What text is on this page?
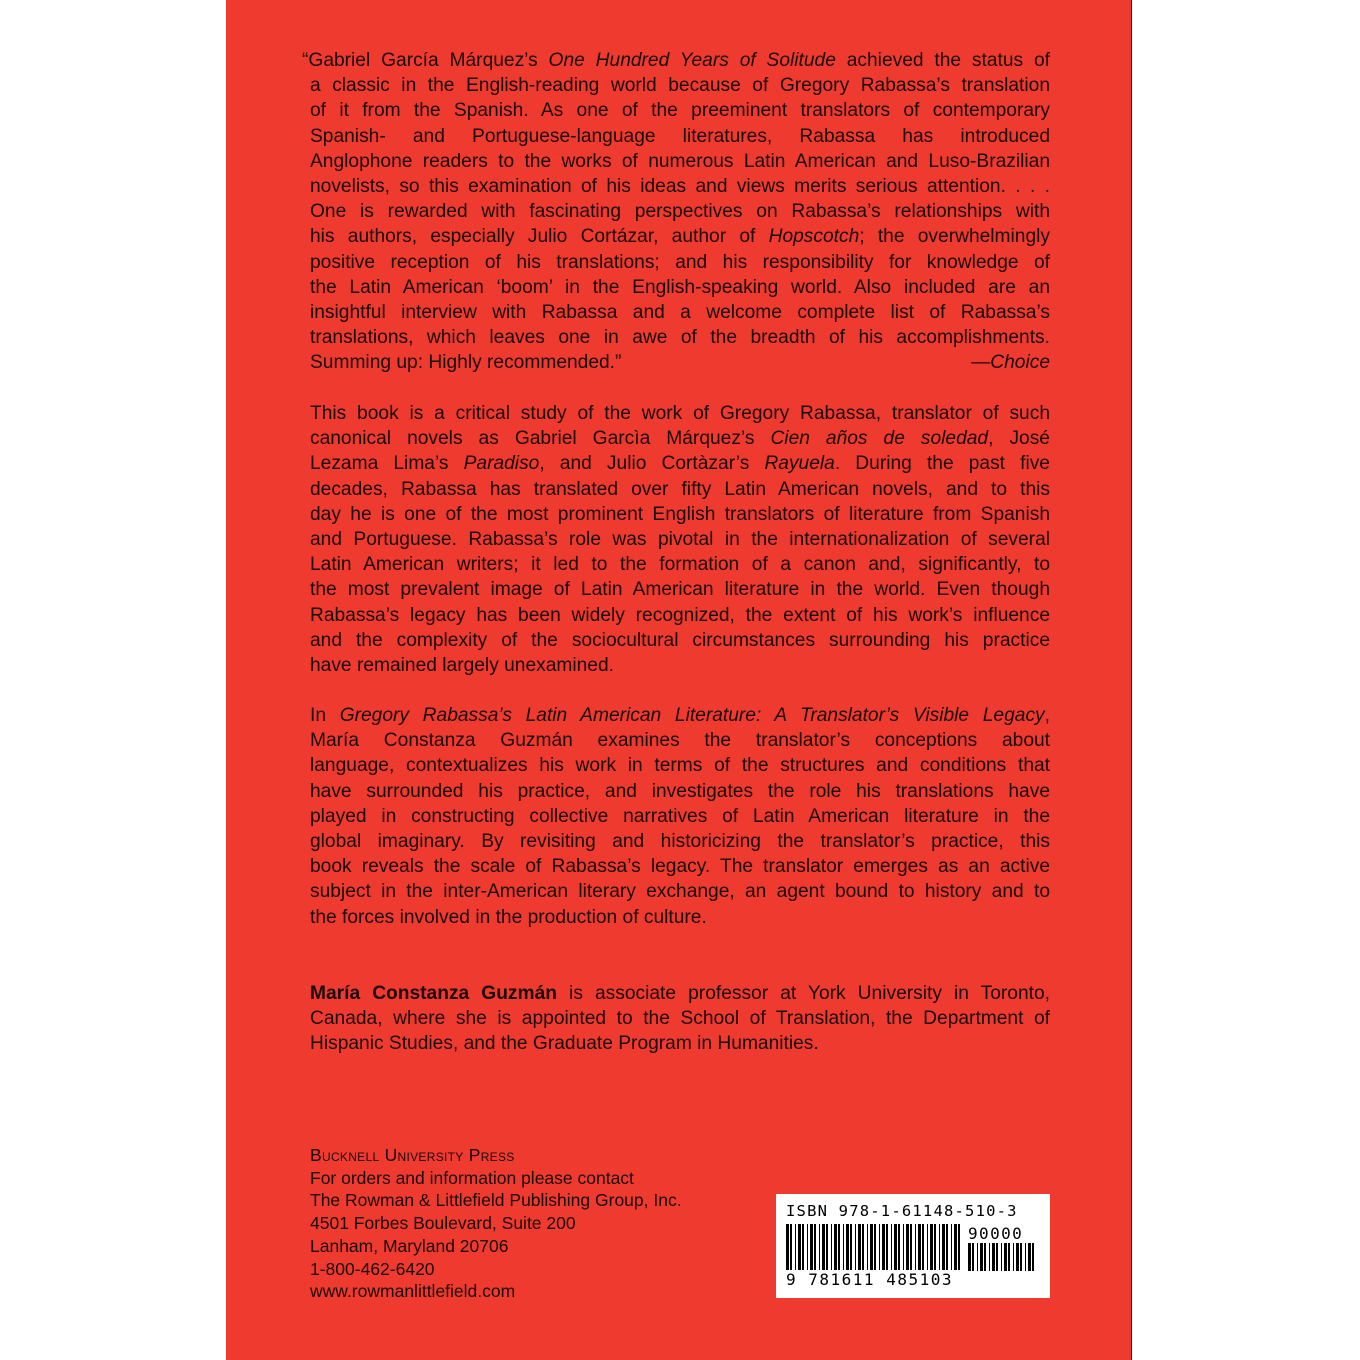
“Gabriel García Márquez’s One Hundred Years of Solitude achieved the status of
a classic in the English-reading world because of Gregory Rabassa’s translation
of it from the Spanish. As one of the preeminent translators of contemporary
Spanish- and Portuguese-language literatures, Rabassa has introduced
Anglophone readers to the works of numerous Latin American and Luso-Brazilian
novelists, so this examination of his ideas and views merits serious attention. . . .
One is rewarded with fascinating perspectives on Rabassa’s relationships with
his authors, especially Julio Cortázar, author of Hopscotch; the overwhelmingly
positive reception of his translations; and his responsibility for knowledge of
the Latin American ‘boom’ in the English-speaking world. Also included are an
insightful interview with Rabassa and a welcome complete list of Rabassa’s
translations, which leaves one in awe of the breadth of his accomplishments.
Summing up: Highly recommended.”	—Choice
This book is a critical study of the work of Gregory Rabassa, translator of such
canonical novels as Gabriel Garcìa Márquez’s Cien años de soledad, José
Lezama Lima’s Paradiso, and Julio Cortàzar’s Rayuela. During the past five
decades, Rabassa has translated over fifty Latin American novels, and to this
day he is one of the most prominent English translators of literature from Spanish
and Portuguese. Rabassa’s role was pivotal in the internationalization of several
Latin American writers; it led to the formation of a canon and, significantly, to
the most prevalent image of Latin American literature in the world. Even though
Rabassa’s legacy has been widely recognized, the extent of his work’s influence
and the complexity of the sociocultural circumstances surrounding his practice
have remained largely unexamined.
In Gregory Rabassa’s Latin American Literature: A Translator’s Visible Legacy,
María Constanza Guzmán examines the translator’s conceptions about
language, contextualizes his work in terms of the structures and conditions that
have surrounded his practice, and investigates the role his translations have
played in constructing collective narratives of Latin American literature in the
global imaginary. By revisiting and historicizing the translator’s practice, this
book reveals the scale of Rabassa’s legacy. The translator emerges as an active
subject in the inter-American literary exchange, an agent bound to history and to
the forces involved in the production of culture.
María Constanza Guzmán is associate professor at York University in Toronto,
Canada, where she is appointed to the School of Translation, the Department of
Hispanic Studies, and the Graduate Program in Humanities.
Bucknell University Press
For orders and information please contact
The Rowman & Littlefield Publishing Group, Inc.
4501 Forbes Boulevard, Suite 200
Lanham, Maryland 20706
1-800-462-6420
www.rowmanlittlefield.com
ISBN 978-1-61148-510-3
90000
9 781611 485103
